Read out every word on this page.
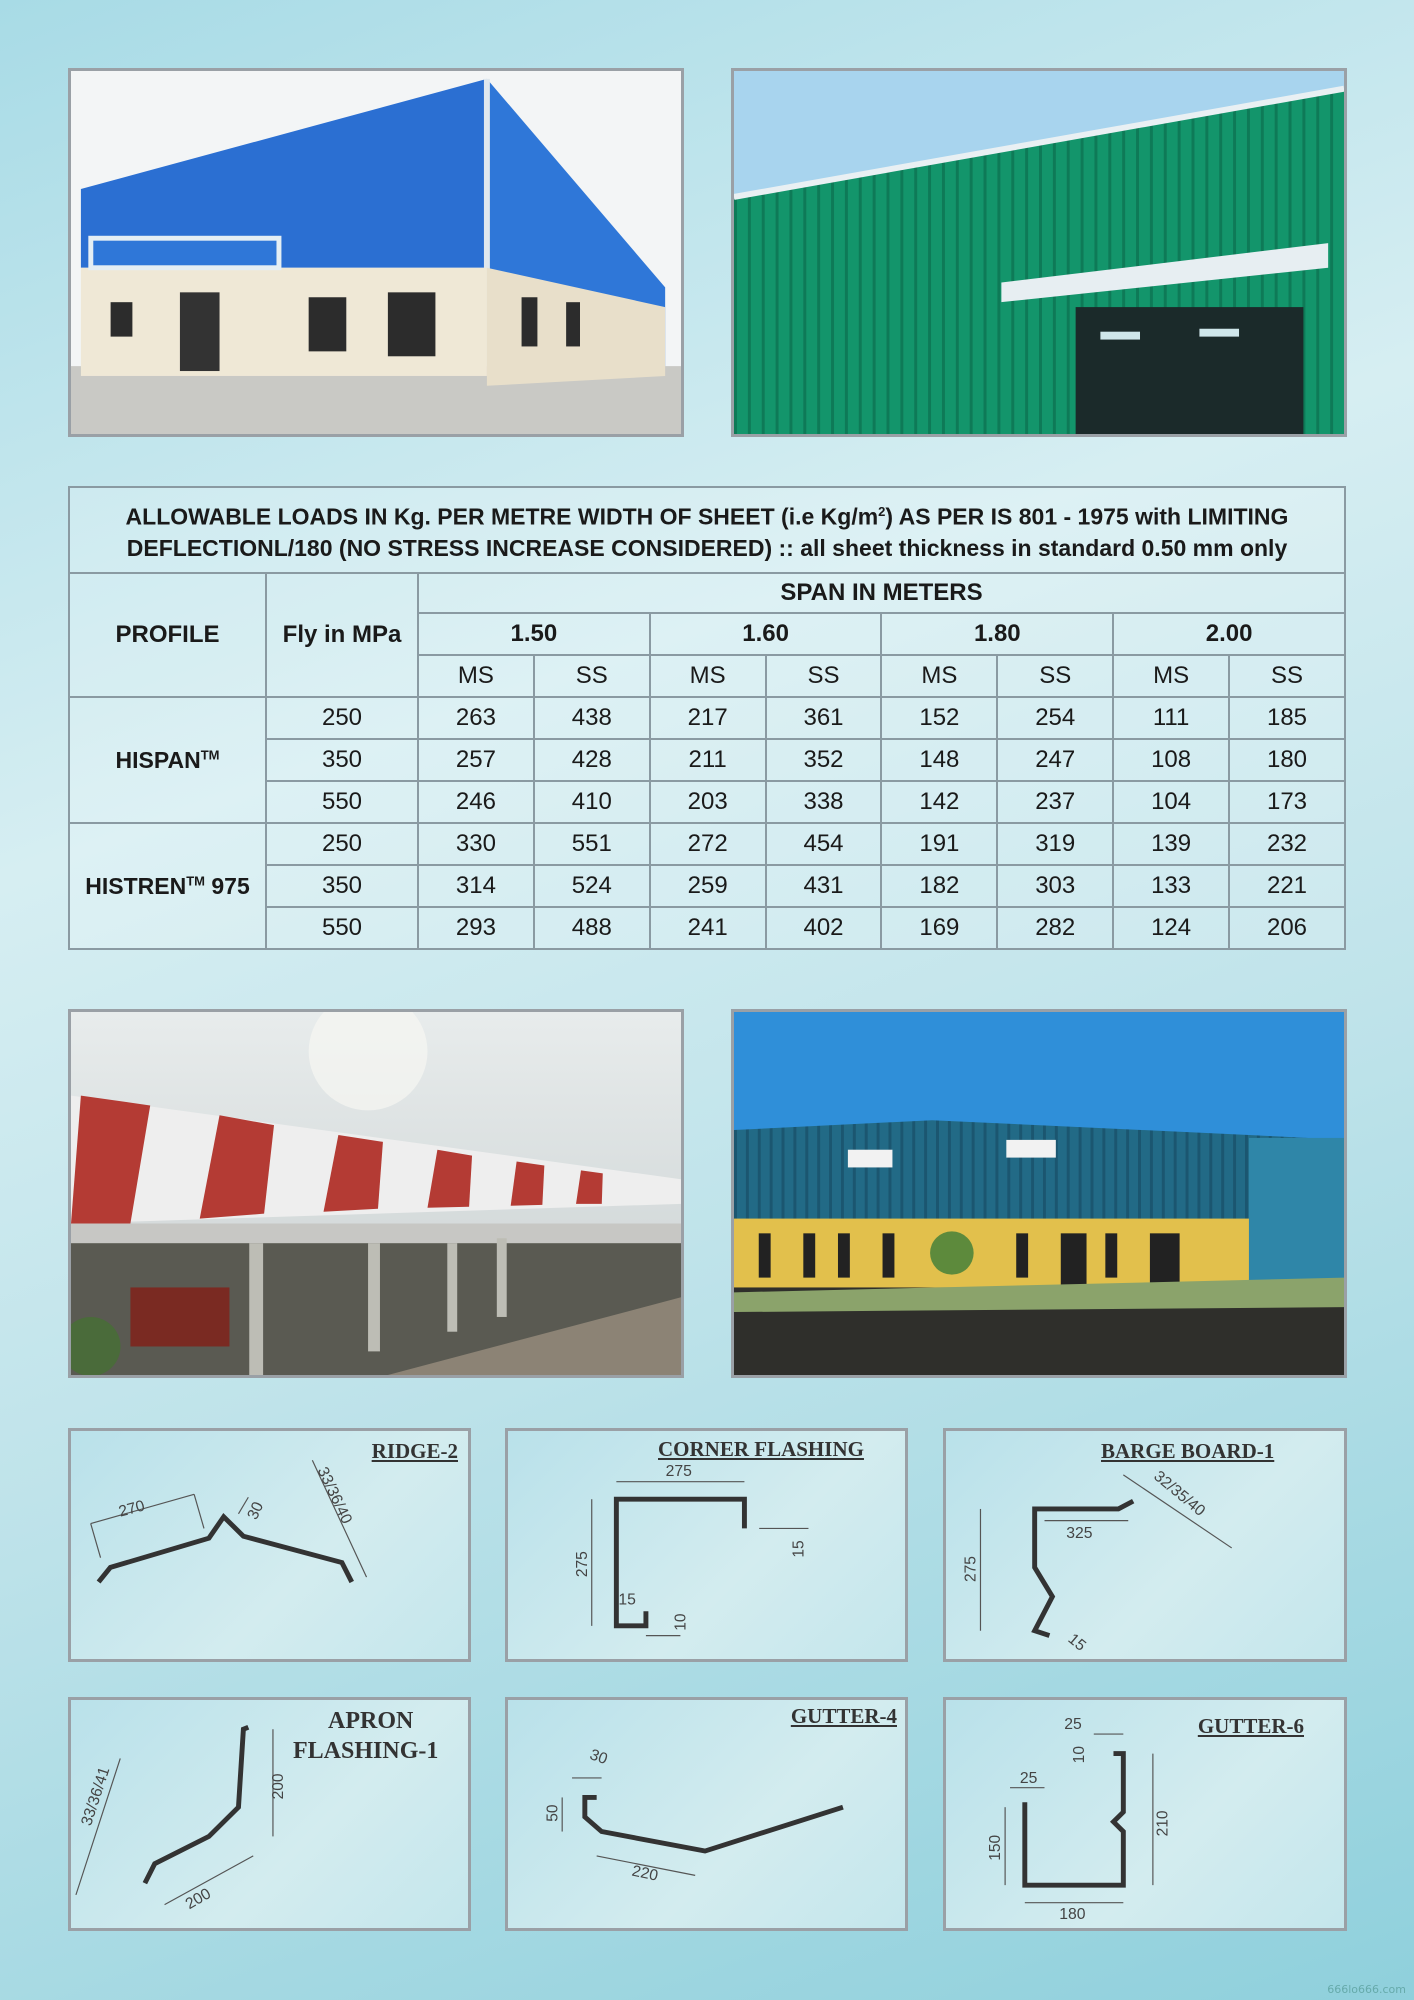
ALLOWABLE LOADS IN Kg. PER METRE WIDTH OF SHEET (i.e $Kg/m^2$) AS PER IS 801 - 1975 with LIMITING
DEFLECTIONL/180 (NO STRESS INCREASE CONSIDERED) :: all sheet thickness in standard 0.50 mm only									
PROFILE	Fly in MPa	SPAN IN METERS							
		1.50		1.60		1.80		2.00	
		MS	SS	MS	SS	MS	SS	MS	SS
HISPAN™	250	263	438	217	361	152	254	111	185
	350	257	428	211	352	148	247	108	180
	550	246	410	203	338	142	237	104	173
HISTREN™ 975	250	330	551	272	454	191	319	139	232
	350	314	524	259	431	182	303	133	221
	550	293	488	241	402	169	282	124	206
RIDGE-2
270	30	33/36/40
CORNER FLASHING
275
275
15
15
10
BARGE BOARD-1
325
275
32/35/40
15
APRON
FLASHING-1
200
200
33/36/41
GUTTER-4
30
50
220
GUTTER-6
25
25
10
150
210
180
666lo666.com
